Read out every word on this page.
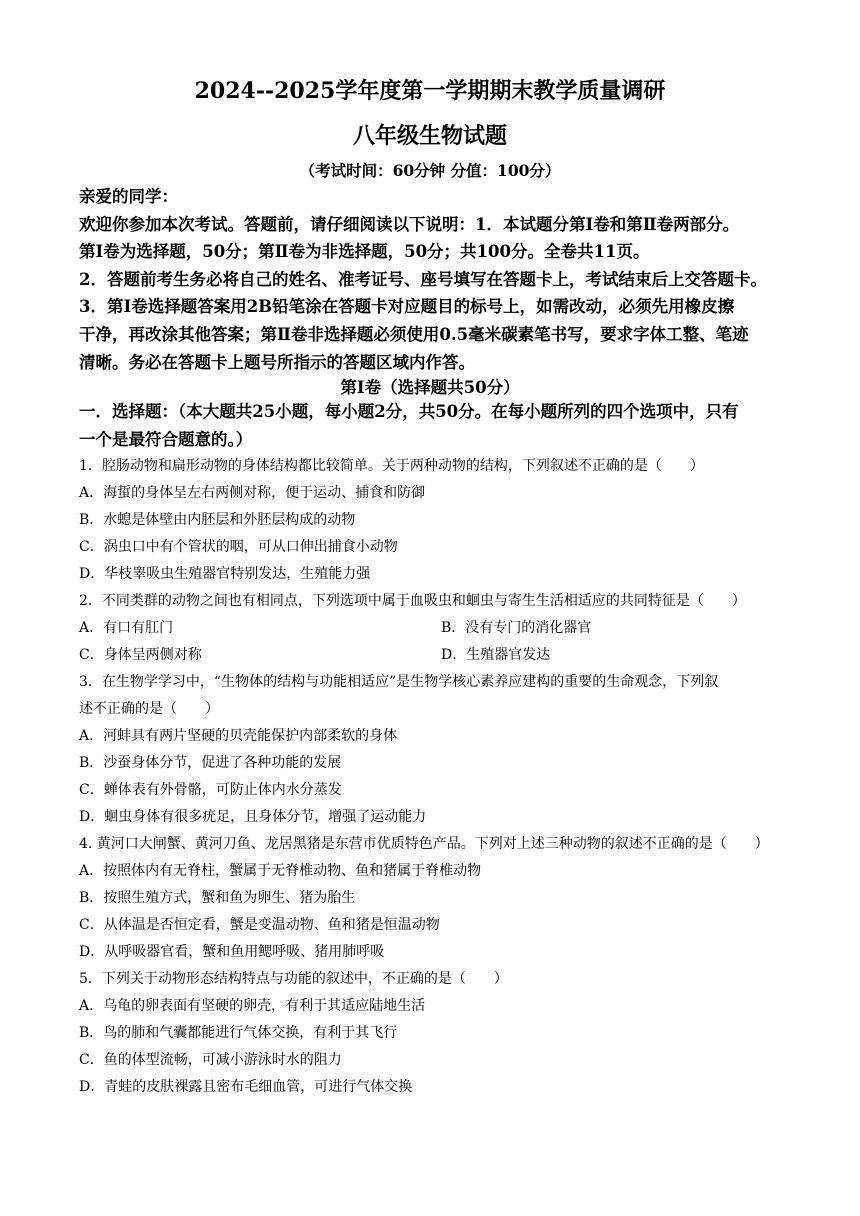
2024--2025学年度第一学期期末教学质量调研
八年级生物试题
（考试时间：60分钟 分值：100分）
亲爱的同学：
欢迎你参加本次考试。答题前，请仔细阅读以下说明：1．本试题分第Ⅰ卷和第Ⅱ卷两部分。
第Ⅰ卷为选择题，50分；第Ⅱ卷为非选择题，50分；共100分。全卷共11页。
2．答题前考生务必将自己的姓名、准考证号、座号填写在答题卡上，考试结束后上交答题卡。
3．第Ⅰ卷选择题答案用2B铅笔涂在答题卡对应题目的标号上，如需改动，必须先用橡皮擦
干净，再改涂其他答案；第Ⅱ卷非选择题必须使用0.5毫米碳素笔书写，要求字体工整、笔迹
清晰。务必在答题卡上题号所指示的答题区域内作答。
第Ⅰ卷（选择题共50分）
一．选择题：（本大题共25小题，每小题2分，共50分。在每小题所列的四个选项中，只有
一个是最符合题意的。）
1．腔肠动物和扁形动物的身体结构都比较简单。关于两种动物的结构，下列叙述不正确的是（　　）
A．海蜇的身体呈左右两侧对称，便于运动、捕食和防御
B．水螅是体壁由内胚层和外胚层构成的动物
C．涡虫口中有个管状的咽，可从口伸出捕食小动物
D．华枝睾吸虫生殖器官特别发达，生殖能力强
2．不同类群的动物之间也有相同点，下列选项中属于血吸虫和蛔虫与寄生生活相适应的共同特征是（　　）
A．有口有肛门	B．没有专门的消化器官
C．身体呈两侧对称	D．生殖器官发达
3．在生物学学习中，“生物体的结构与功能相适应”是生物学核心素养应建构的重要的生命观念，下列叙
述不正确的是（　　）
A．河蚌具有两片坚硬的贝壳能保护内部柔软的身体
B．沙蚕身体分节，促进了各种功能的发展
C．蝉体表有外骨骼，可防止体内水分蒸发
D．蛔虫身体有很多疣足，且身体分节，增强了运动能力
4. 黄河口大闸蟹、黄河刀鱼、龙居黑猪是东营市优质特色产品。下列对上述三种动物的叙述不正确的是（　　）
A．按照体内有无脊柱，蟹属于无脊椎动物、鱼和猪属于脊椎动物
B．按照生殖方式，蟹和鱼为卵生、猪为胎生
C．从体温是否恒定看，蟹是变温动物、鱼和猪是恒温动物
D．从呼吸器官看，蟹和鱼用鳃呼吸、猪用肺呼吸
5．下列关于动物形态结构特点与功能的叙述中，不正确的是（　　）
A．乌龟的卵表面有坚硬的卵壳，有利于其适应陆地生活
B．鸟的肺和气囊都能进行气体交换，有利于其飞行
C．鱼的体型流畅，可减小游泳时水的阻力
D．青蛙的皮肤裸露且密布毛细血管，可进行气体交换
